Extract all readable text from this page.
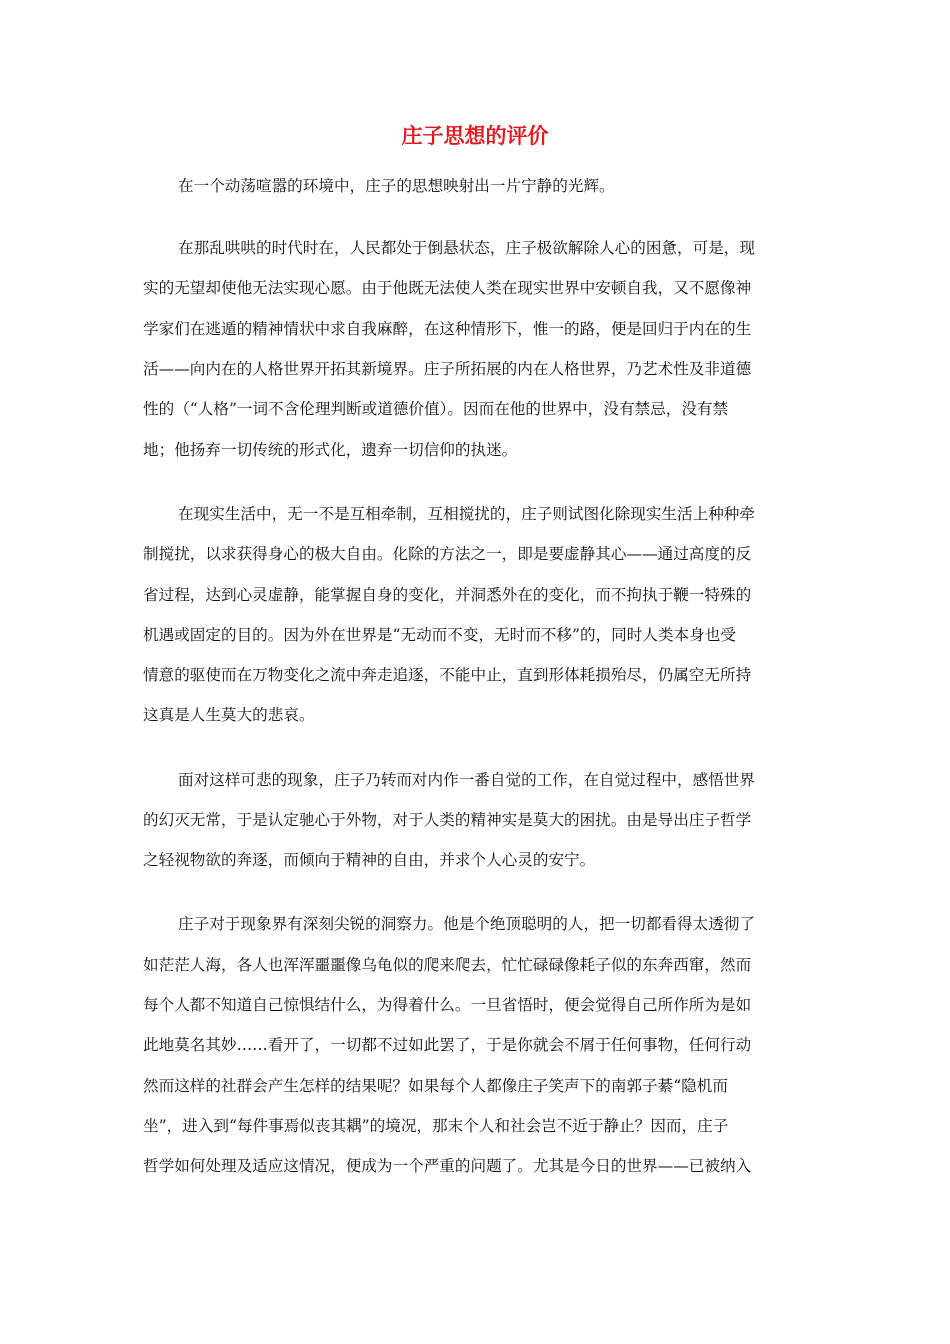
庄子思想的评价

在一个动荡喧嚣的环境中，庄子的思想映射出一片宁静的光辉。

在那乱哄哄的时代时在，人民都处于倒悬状态，庄子极欲解除人心的困惫，可是，现

实的无望却使他无法实现心愿。由于他既无法使人类在现实世界中安顿自我，又不愿像神

学家们在逃遁的精神情状中求自我麻醉，在这种情形下，惟一的路，便是回归于内在的生

活——向内在的人格世界开拓其新境界。庄子所拓展的内在人格世界，乃艺术性及非道德

性的（“人格”一词不含伦理判断或道德价值）。因而在他的世界中，没有禁忌，没有禁

地；他扬弃一切传统的形式化，遗弃一切信仰的执迷。

在现实生活中，无一不是互相牵制，互相搅扰的，庄子则试图化除现实生活上种种牵

制搅扰，以求获得身心的极大自由。化除的方法之一，即是要虚静其心——通过高度的反

省过程，达到心灵虚静，能掌握自身的变化，并洞悉外在的变化，而不拘执于鞭一特殊的

机遇或固定的目的。因为外在世界是“无动而不变，无时而不移”的，同时人类本身也受

情意的驱使而在万物变化之流中奔走追逐，不能中止，直到形体耗损殆尽，仍属空无所持

这真是人生莫大的悲哀。

面对这样可悲的现象，庄子乃转而对内作一番自觉的工作，在自觉过程中，感悟世界

的幻灭无常，于是认定驰心于外物，对于人类的精神实是莫大的困扰。由是导出庄子哲学

之轻视物欲的奔逐，而倾向于精神的自由，并求个人心灵的安宁。

庄子对于现象界有深刻尖锐的洞察力。他是个绝顶聪明的人，把一切都看得太透彻了

如茫茫人海，各人也浑浑噩噩像乌龟似的爬来爬去，忙忙碌碌像耗子似的东奔西窜，然而

每个人都不知道自己惊惧结什么，为得着什么。一旦省悟时，便会觉得自己所作所为是如

此地莫名其妙……看开了，一切都不过如此罢了，于是你就会不屑于任何事物，任何行动

然而这样的社群会产生怎样的结果呢？如果每个人都像庄子笑声下的南郭子綦“隐机而

坐”，进入到“每件事焉似丧其耦”的境况，那末个人和社会岂不近于静止？因而，庄子

哲学如何处理及适应这情况，便成为一个严重的问题了。尤其是今日的世界——已被纳入
